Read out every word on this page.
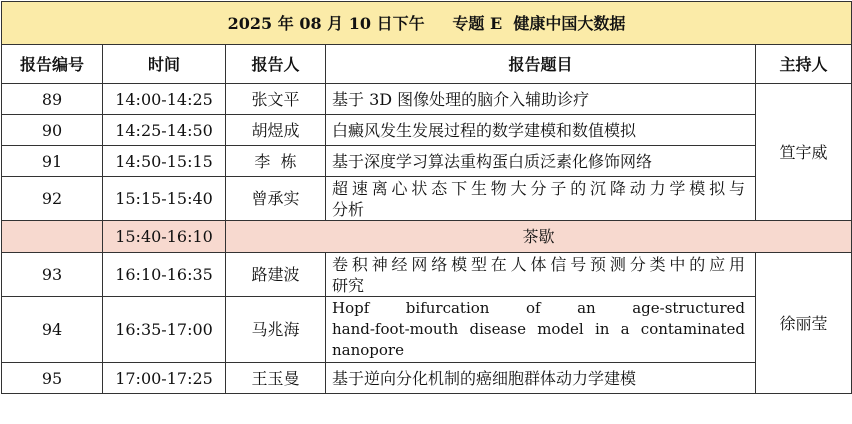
2025 年 08 月 10 日下午     专题 E  健康中国大数据				
报告编号	时间	报告人	报告题目	主持人
89	14:00-14:25	张文平	基于 3D 图像处理的脑介入辅助诊疗	笪宇威
90	14:25-14:50	胡煜成	白癜风发生发展过程的数学建模和数值模拟	
91	14:50-15:15	李  栋	基于深度学习算法重构蛋白质泛素化修饰网络	
92	15:15-15:40	曾承实	超速离心状态下生物大分子的沉降动力学模拟与
分析	

	15:40-16:10	茶歇		
93	16:10-16:35	路建波	卷积神经网络模型在人体信号预测分类中的应用
研究	徐丽莹
94	16:35-17:00	马兆海	Hopf bifurcation of an age-structured
hand-foot-mouth disease model in a contaminated
nanopore	

95	17:00-17:25	王玉曼	基于逆向分化机制的癌细胞群体动力学建模	
